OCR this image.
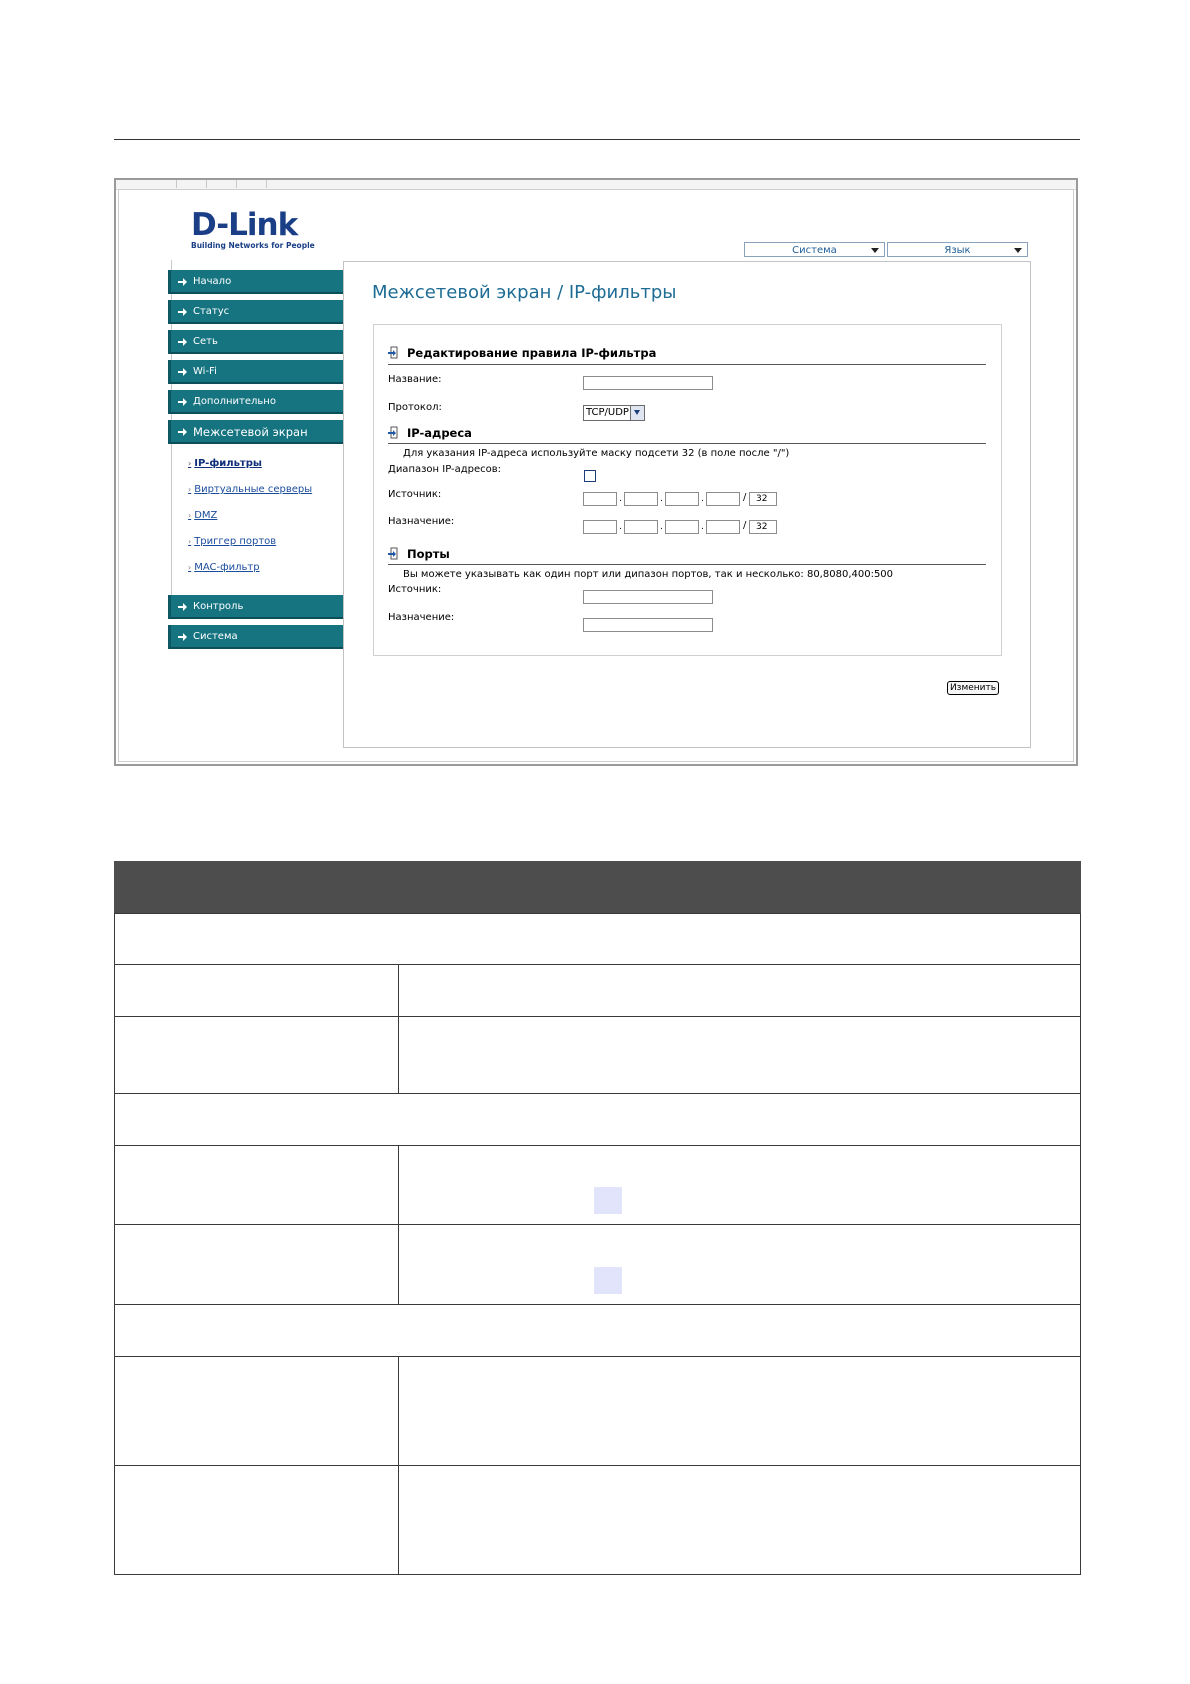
D-Link
Building Networks for People	Система	Язык
Начало
Статус
Сеть
Wi-Fi
Дополнительно
Межсетевой экран
› IP-фильтры
› Виртуальные серверы
› DMZ
› Триггер портов
› MAC-фильтр
Контроль
Система
Межсетевой экран / IP-фильтры
Редактирование правила IP-фильтра
Название:
Протокол:	TCP/UDP
IP-адреса
Для указания IP-адреса используйте маску подсети 32 (в поле после "/")
Диапазон IP-адресов:
Источник:	.	.	.	/	32
Назначение:	.	.	.	/	32
Порты
Вы можете указывать как один порт или дипазон портов, так и несколько: 80,8080,400:500
Источник:
Назначение:
Изменить
